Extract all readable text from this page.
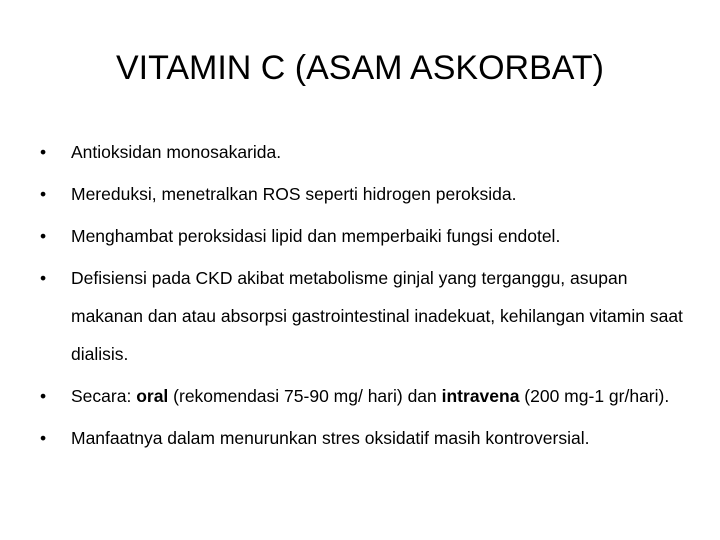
VITAMIN C (ASAM ASKORBAT)
•	Antioksidan monosakarida.
•	Mereduksi, menetralkan ROS seperti hidrogen peroksida.
•	Menghambat peroksidasi lipid dan memperbaiki fungsi endotel.
•	Defisiensi pada CKD akibat metabolisme ginjal yang terganggu, asupan makanan dan atau absorpsi gastrointestinal inadekuat, kehilangan vitamin saat dialisis.
•	Secara: oral (rekomendasi 75-90 mg/ hari) dan intravena (200 mg-1 gr/hari).
•	Manfaatnya dalam menurunkan stres oksidatif masih kontroversial.
